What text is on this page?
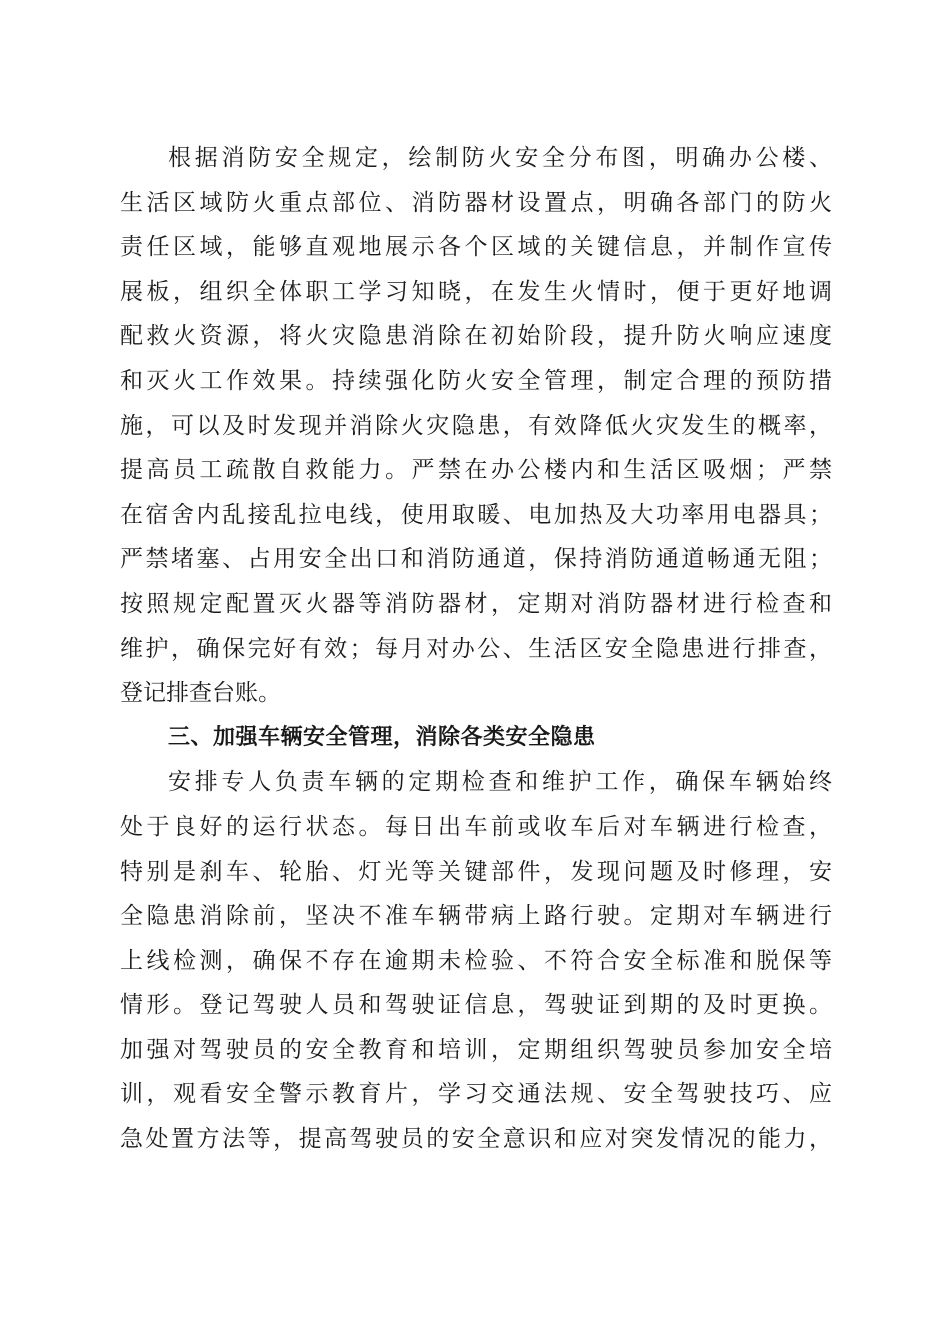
根据消防安全规定，绘制防火安全分布图，明确办公楼、
生活区域防火重点部位、消防器材设置点，明确各部门的防火
责任区域，能够直观地展示各个区域的关键信息，并制作宣传
展板，组织全体职工学习知晓，在发生火情时，便于更好地调
配救火资源，将火灾隐患消除在初始阶段，提升防火响应速度
和灭火工作效果。持续强化防火安全管理，制定合理的预防措
施，可以及时发现并消除火灾隐患，有效降低火灾发生的概率，
提高员工疏散自救能力。严禁在办公楼内和生活区吸烟；严禁
在宿舍内乱接乱拉电线，使用取暖、电加热及大功率用电器具；
严禁堵塞、占用安全出口和消防通道，保持消防通道畅通无阻；
按照规定配置灭火器等消防器材，定期对消防器材进行检查和
维护，确保完好有效；每月对办公、生活区安全隐患进行排查，
登记排查台账。
三、加强车辆安全管理，消除各类安全隐患
安排专人负责车辆的定期检查和维护工作，确保车辆始终
处于良好的运行状态。每日出车前或收车后对车辆进行检查，
特别是刹车、轮胎、灯光等关键部件，发现问题及时修理，安
全隐患消除前，坚决不准车辆带病上路行驶。定期对车辆进行
上线检测，确保不存在逾期未检验、不符合安全标准和脱保等
情形。登记驾驶人员和驾驶证信息，驾驶证到期的及时更换。
加强对驾驶员的安全教育和培训，定期组织驾驶员参加安全培
训，观看安全警示教育片，学习交通法规、安全驾驶技巧、应
急处置方法等，提高驾驶员的安全意识和应对突发情况的能力，
